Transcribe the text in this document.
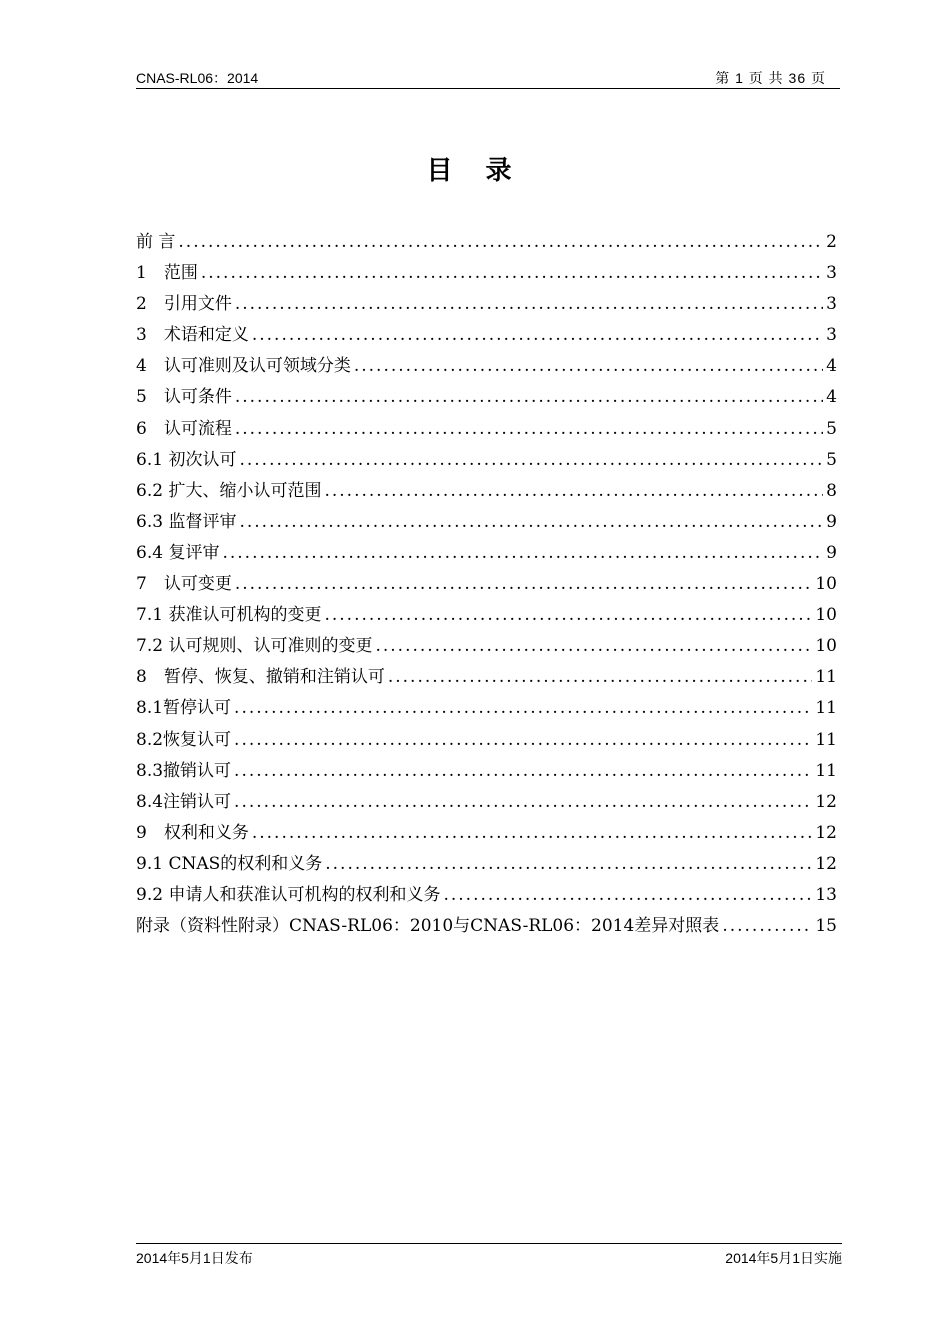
CNAS-RL06：2014	第 1 页 共 36 页
目 录
前 言 .....	2
1　范围 .....	3
2　引用文件 .....	3
3　术语和定义 .....	3
4　认可准则及认可领域分类 .....	4
5　认可条件 .....	4
6　认可流程 .....	5
6.1 初次认可 .....	5
6.2 扩大、缩小认可范围 .....	8
6.3 监督评审 .....	9
6.4 复评审 .....	9
7　认可变更 .....	10
7.1 获准认可机构的变更 .....	10
7.2 认可规则、认可准则的变更 .....	10
8　暂停、恢复、撤销和注销认可 .....	11
8.1暂停认可 .....	11
8.2恢复认可 .....	11
8.3撤销认可 .....	11
8.4注销认可 .....	12
9　权利和义务 .....	12
9.1 CNAS的权利和义务 .....	12
9.2 申请人和获准认可机构的权利和义务 .....	13
附录（资料性附录）CNAS-RL06：2010与CNAS-RL06：2014差异对照表 .....	15
2014年5月1日发布	2014年5月1日实施
